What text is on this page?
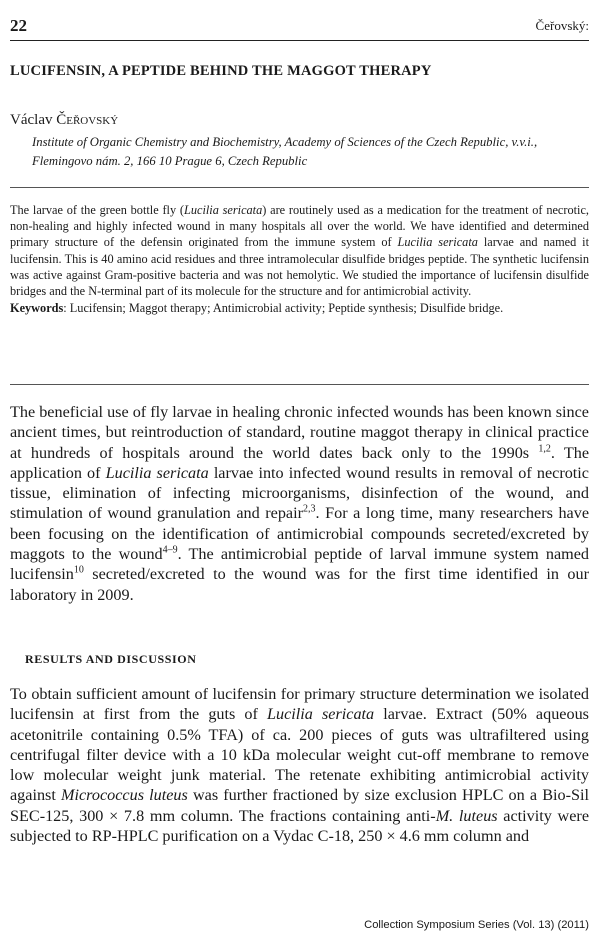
22	Čeřovský:
LUCIFENSIN, A PEPTIDE BEHIND THE MAGGOT THERAPY
Václav Čeřovský
Institute of Organic Chemistry and Biochemistry, Academy of Sciences of the Czech Republic, v.v.i.,
Flemingovo nám. 2, 166 10 Prague 6, Czech Republic

The larvae of the green bottle fly (Lucilia sericata) are routinely used as a medication for the treatment of necrotic, non-healing and highly infected wound in many hospitals all over the world. We have identified and determined primary structure of the defensin originated from the immune system of Lucilia sericata larvae and named it lucifensin. This is 40 amino acid residues and three intramolecular disulfide bridges peptide. The synthetic lucifensin was active against Gram-positive bacteria and was not hemolytic. We studied the importance of lucifensin disulfide bridges and the N-terminal part of its molecule for the structure and for antimicrobial activity.

Keywords: Lucifensin; Maggot therapy; Antimicrobial activity; Peptide synthesis; Disulfide bridge.

The beneficial use of fly larvae in healing chronic infected wounds has been known since ancient times, but reintroduction of standard, routine maggot therapy in clinical practice at hundreds of hospitals around the world dates back only to the 1990s $^{1,2}$. The application of Lucilia sericata larvae into infected wound results in removal of necrotic tissue, elimination of infecting microorganisms, disinfection of the wound, and stimulation of wound granulation and repair$^{2,3}$. For a long time, many researchers have been focusing on the identification of antimicrobial compounds secreted/excreted by maggots to the wound$^{4-9}$. The antimicrobial peptide of larval immune system named lucifensin$^{10}$ secreted/excreted to the wound was for the first time identified in our laboratory in 2009.

RESULTS AND DISCUSSION

To obtain sufficient amount of lucifensin for primary structure determination we isolated lucifensin at first from the guts of Lucilia sericata larvae. Extract (50% aqueous acetonitrile containing 0.5% TFA) of ca. 200 pieces of guts was ultrafiltered using centrifugal filter device with a 10 kDa molecular weight cut-off membrane to remove low molecular weight junk material. The retenate exhibiting antimicrobial activity against Micrococcus luteus was further fractioned by size exclusion HPLC on a Bio-Sil SEC-125, 300 × 7.8 mm column. The fractions containing anti-M. luteus activity were subjected to RP-HPLC purification on a Vydac C-18, 250 × 4.6 mm column and

Collection Symposium Series (Vol. 13) (2011)
